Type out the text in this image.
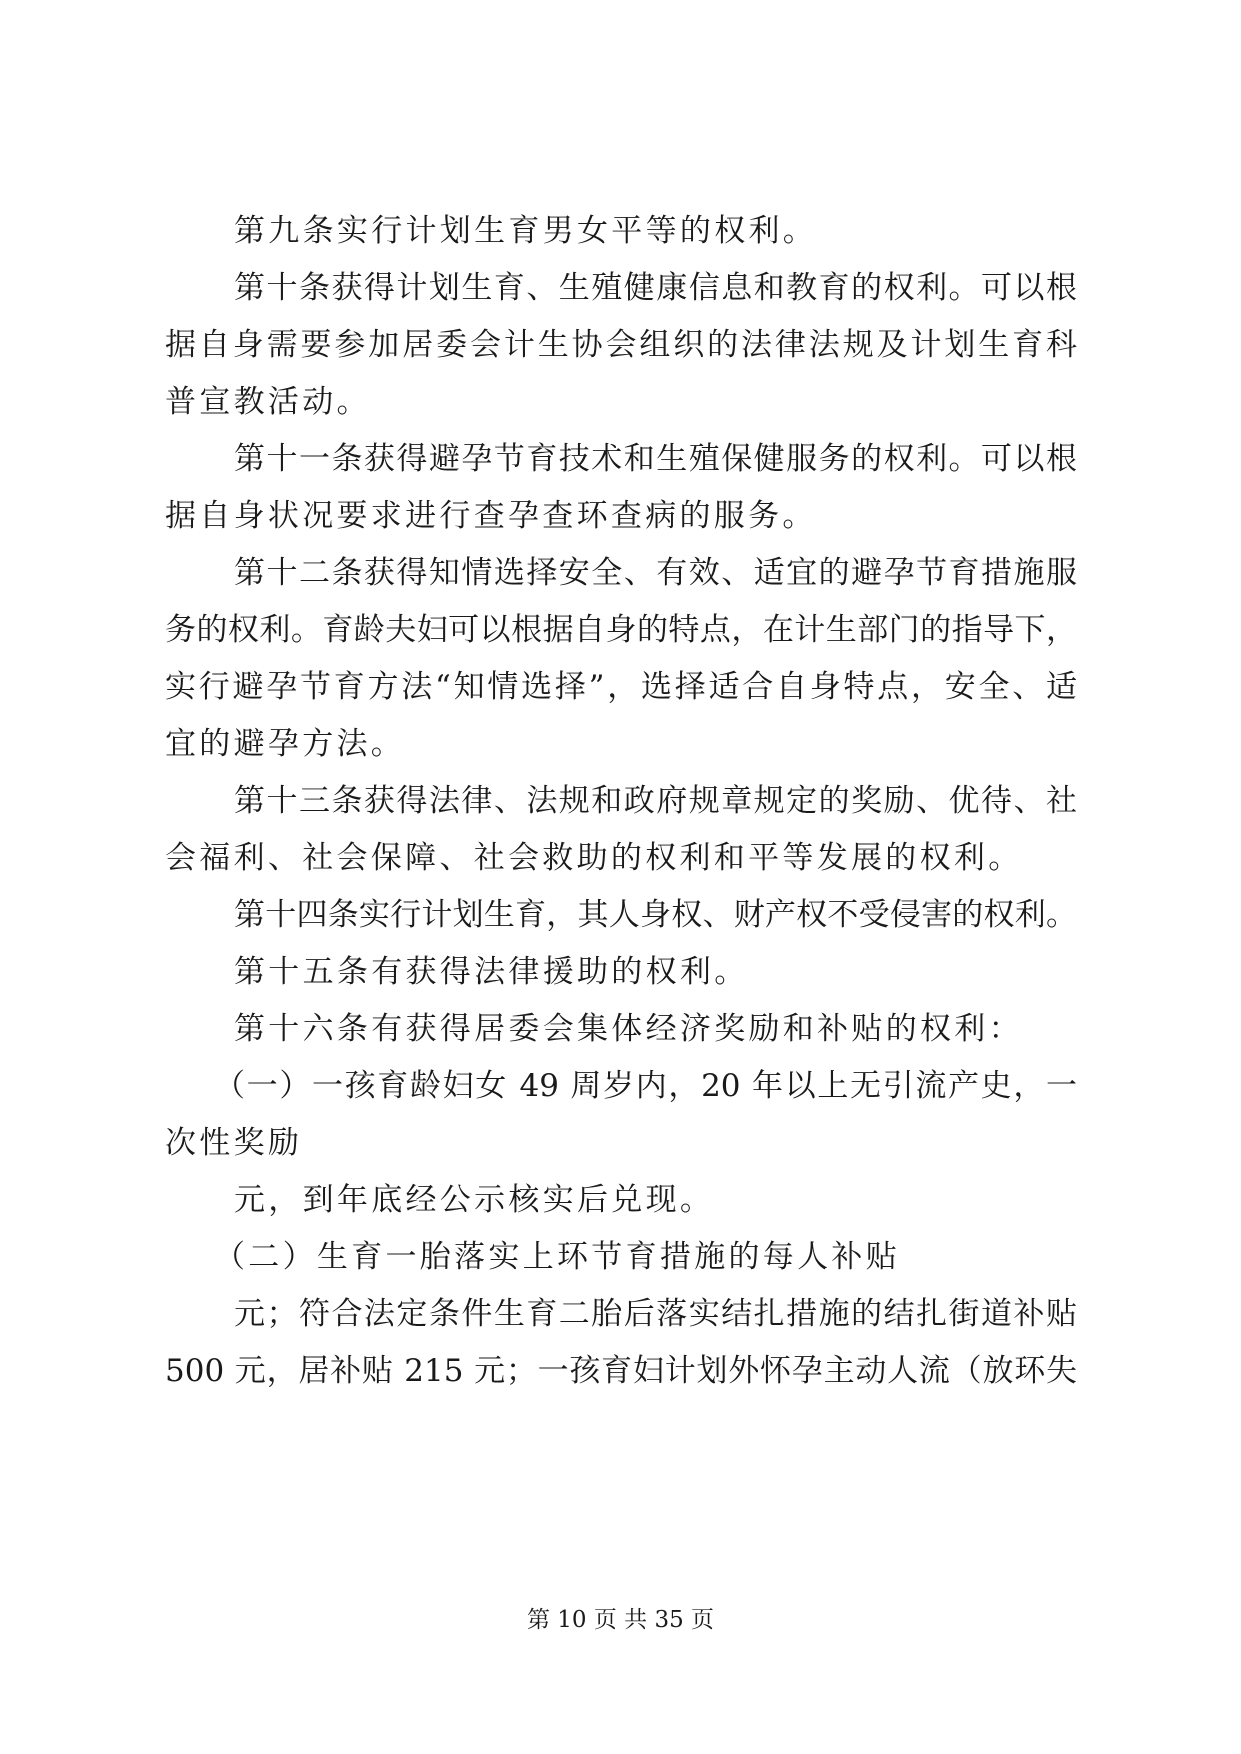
第九条实行计划生育男女平等的权利。
第十条获得计划生育、生殖健康信息和教育的权利。可以根
据自身需要参加居委会计生协会组织的法律法规及计划生育科
普宣教活动。
第十一条获得避孕节育技术和生殖保健服务的权利。可以根
据自身状况要求进行查孕查环查病的服务。
第十二条获得知情选择安全、有效、适宜的避孕节育措施服
务的权利。育龄夫妇可以根据自身的特点，在计生部门的指导下，
实行避孕节育方法“知情选择”，选择适合自身特点，安全、适
宜的避孕方法。
第十三条获得法律、法规和政府规章规定的奖励、优待、社
会福利、社会保障、社会救助的权利和平等发展的权利。
第十四条实行计划生育，其人身权、财产权不受侵害的权利。
第十五条有获得法律援助的权利。
第十六条有获得居委会集体经济奖励和补贴的权利：
（一）一孩育龄妇女 49 周岁内，20 年以上无引流产史，一
次性奖励
元，到年底经公示核实后兑现。
（二）生育一胎落实上环节育措施的每人补贴
元；符合法定条件生育二胎后落实结扎措施的结扎街道补贴
500 元，居补贴 215 元；一孩育妇计划外怀孕主动人流（放环失
第 10 页 共 35 页
